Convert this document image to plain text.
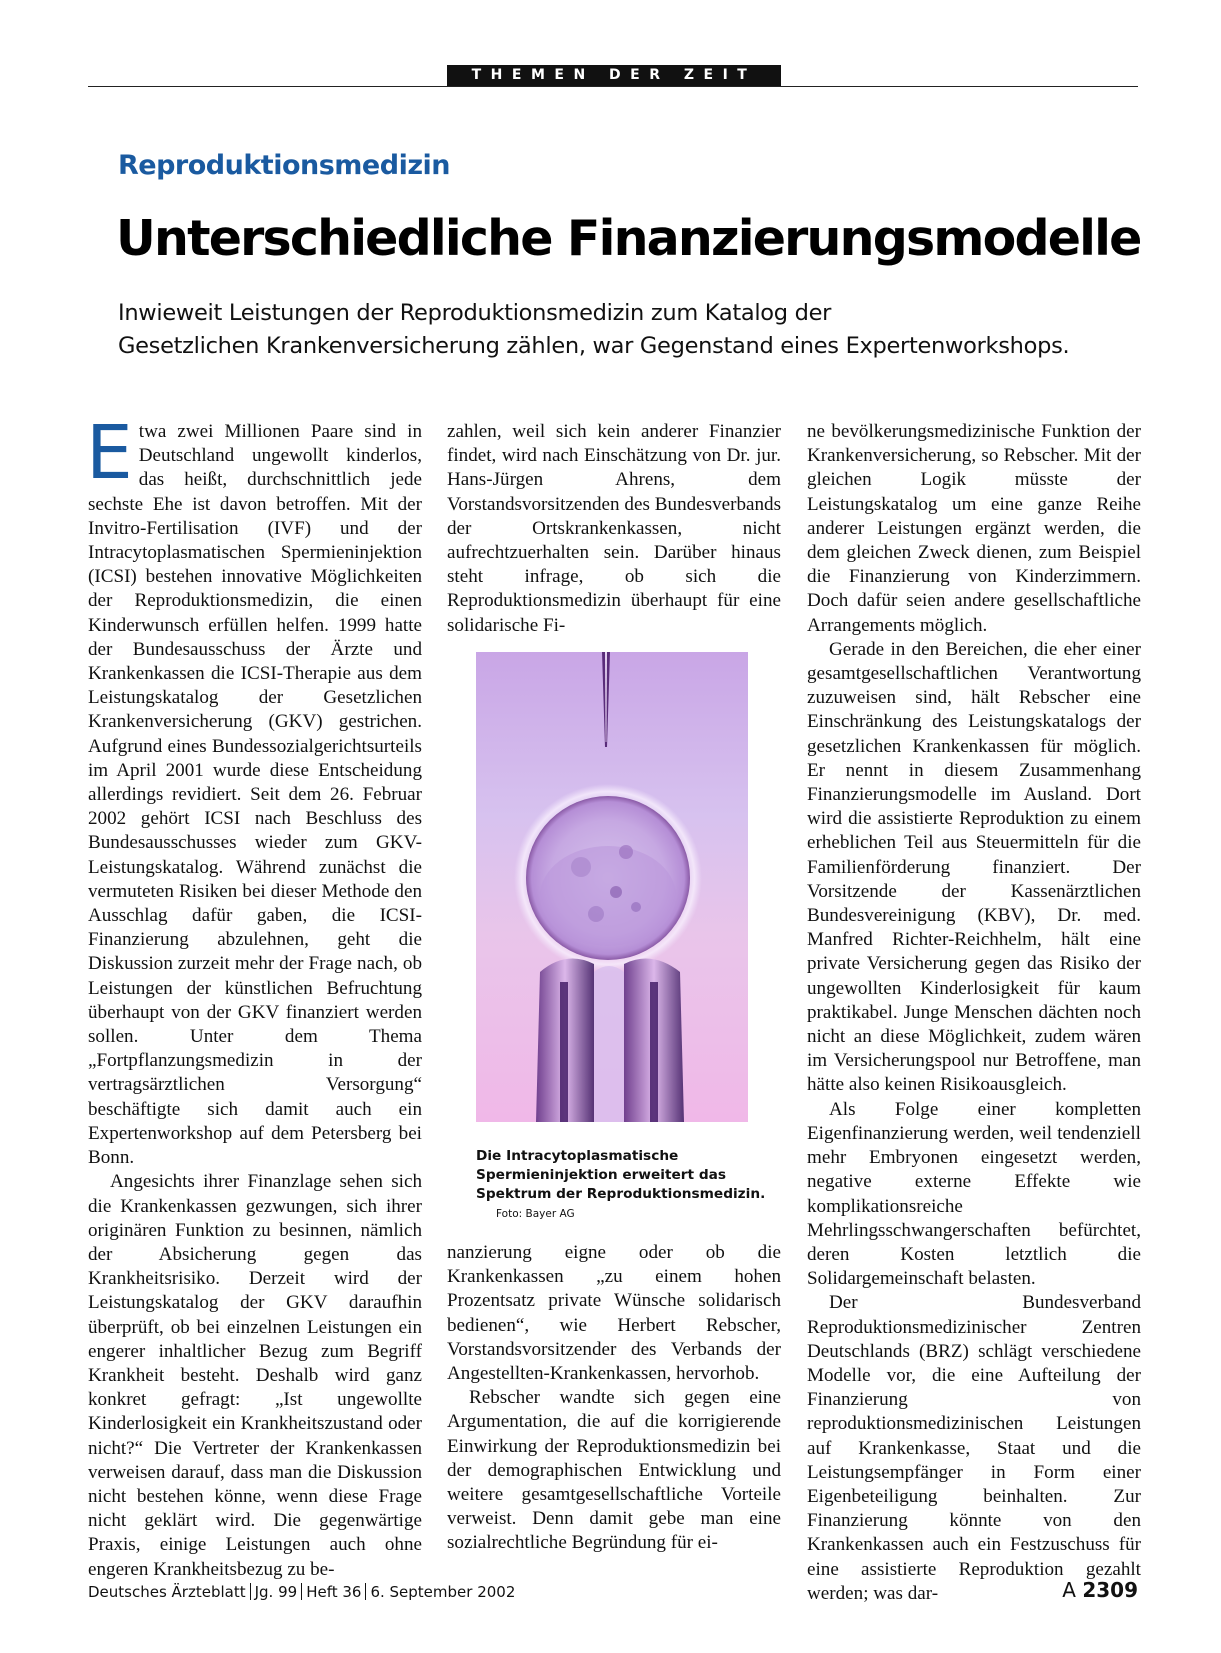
THEMEN DER ZEIT
Reproduktionsmedizin
Unterschiedliche Finanzierungsmodelle
Inwieweit Leistungen der Reproduktionsmedizin zum Katalog der
Gesetzlichen Krankenversicherung zählen, war Gegenstand eines Expertenworkshops.

Etwa zwei Millionen Paare sind in Deutschland ungewollt kinderlos, das heißt, durchschnittlich jede sechste Ehe ist davon betroffen. Mit der Invitro-Fertilisation (IVF) und der Intracytoplasmatischen Spermieninjektion (ICSI) bestehen innovative Möglichkeiten der Reproduktionsmedizin, die einen Kinderwunsch erfüllen helfen. 1999 hatte der Bundesausschuss der Ärzte und Krankenkassen die ICSI-Therapie aus dem Leistungskatalog der Gesetzlichen Krankenversicherung (GKV) gestrichen. Aufgrund eines Bundessozialgerichtsurteils im April 2001 wurde diese Entscheidung allerdings revidiert. Seit dem 26. Februar 2002 gehört ICSI nach Beschluss des Bundesausschusses wieder zum GKV-Leistungskatalog. Während zunächst die vermuteten Risiken bei dieser Methode den Ausschlag dafür gaben, die ICSI-Finanzierung abzulehnen, geht die Diskussion zurzeit mehr der Frage nach, ob Leistungen der künstlichen Befruchtung überhaupt von der GKV finanziert werden sollen. Unter dem Thema „Fortpflanzungsmedizin in der vertragsärztlichen Versorgung“ beschäftigte sich damit auch ein Expertenworkshop auf dem Petersberg bei Bonn.

Angesichts ihrer Finanzlage sehen sich die Krankenkassen gezwungen, sich ihrer originären Funktion zu besinnen, nämlich der Absicherung gegen das Krankheitsrisiko. Derzeit wird der Leistungskatalog der GKV daraufhin überprüft, ob bei einzelnen Leistungen ein engerer inhaltlicher Bezug zum Begriff Krankheit besteht. Deshalb wird ganz konkret gefragt: „Ist ungewollte Kinderlosigkeit ein Krankheitszustand oder nicht?“ Die Vertreter der Krankenkassen verweisen darauf, dass man die Diskussion nicht bestehen könne, wenn diese Frage nicht geklärt wird. Die gegenwärtige Praxis, einige Leistungen auch ohne engeren Krankheitsbezug zu be-

zahlen, weil sich kein anderer Finanzier findet, wird nach Einschätzung von Dr. jur. Hans-Jürgen Ahrens, dem Vorstandsvorsitzenden des Bundesverbands der Ortskrankenkassen, nicht aufrechtzuerhalten sein. Darüber hinaus steht infrage, ob sich die Reproduktionsmedizin überhaupt für eine solidarische Fi-

Die Intracytoplasmatische Spermieninjektion erweitert das Spektrum der Reproduktionsmedizin. Foto: Bayer AG

nanzierung eigne oder ob die Krankenkassen „zu einem hohen Prozentsatz private Wünsche solidarisch bedienen“, wie Herbert Rebscher, Vorstandsvorsitzender des Verbands der Angestellten-Krankenkassen, hervorhob.

Rebscher wandte sich gegen eine Argumentation, die auf die korrigierende Einwirkung der Reproduktionsmedizin bei der demographischen Entwicklung und weitere gesamtgesellschaftliche Vorteile verweist. Denn damit gebe man eine sozialrechtliche Begründung für ei-

ne bevölkerungsmedizinische Funktion der Krankenversicherung, so Rebscher. Mit der gleichen Logik müsste der Leistungskatalog um eine ganze Reihe anderer Leistungen ergänzt werden, die dem gleichen Zweck dienen, zum Beispiel die Finanzierung von Kinderzimmern. Doch dafür seien andere gesellschaftliche Arrangements möglich.

Gerade in den Bereichen, die eher einer gesamtgesellschaftlichen Verantwortung zuzuweisen sind, hält Rebscher eine Einschränkung des Leistungskatalogs der gesetzlichen Krankenkassen für möglich. Er nennt in diesem Zusammenhang Finanzierungsmodelle im Ausland. Dort wird die assistierte Reproduktion zu einem erheblichen Teil aus Steuermitteln für die Familienförderung finanziert. Der Vorsitzende der Kassenärztlichen Bundesvereinigung (KBV), Dr. med. Manfred Richter-Reichhelm, hält eine private Versicherung gegen das Risiko der ungewollten Kinderlosigkeit für kaum praktikabel. Junge Menschen dächten noch nicht an diese Möglichkeit, zudem wären im Versicherungspool nur Betroffene, man hätte also keinen Risikoausgleich.

Als Folge einer kompletten Eigenfinanzierung werden, weil tendenziell mehr Embryonen eingesetzt werden, negative externe Effekte wie komplikationsreiche Mehrlingsschwangerschaften befürchtet, deren Kosten letztlich die Solidargemeinschaft belasten.

Der Bundesverband Reproduktionsmedizinischer Zentren Deutschlands (BRZ) schlägt verschiedene Modelle vor, die eine Aufteilung der Finanzierung von reproduktionsmedizinischen Leistungen auf Krankenkasse, Staat und die Leistungsempfänger in Form einer Eigenbeteiligung beinhalten. Zur Finanzierung könnte von den Krankenkassen auch ein Festzuschuss für eine assistierte Reproduktion gezahlt werden; was dar-

Deutsches Ärzteblatt Jg. 99 Heft 36 6. September 2002	A 2309
